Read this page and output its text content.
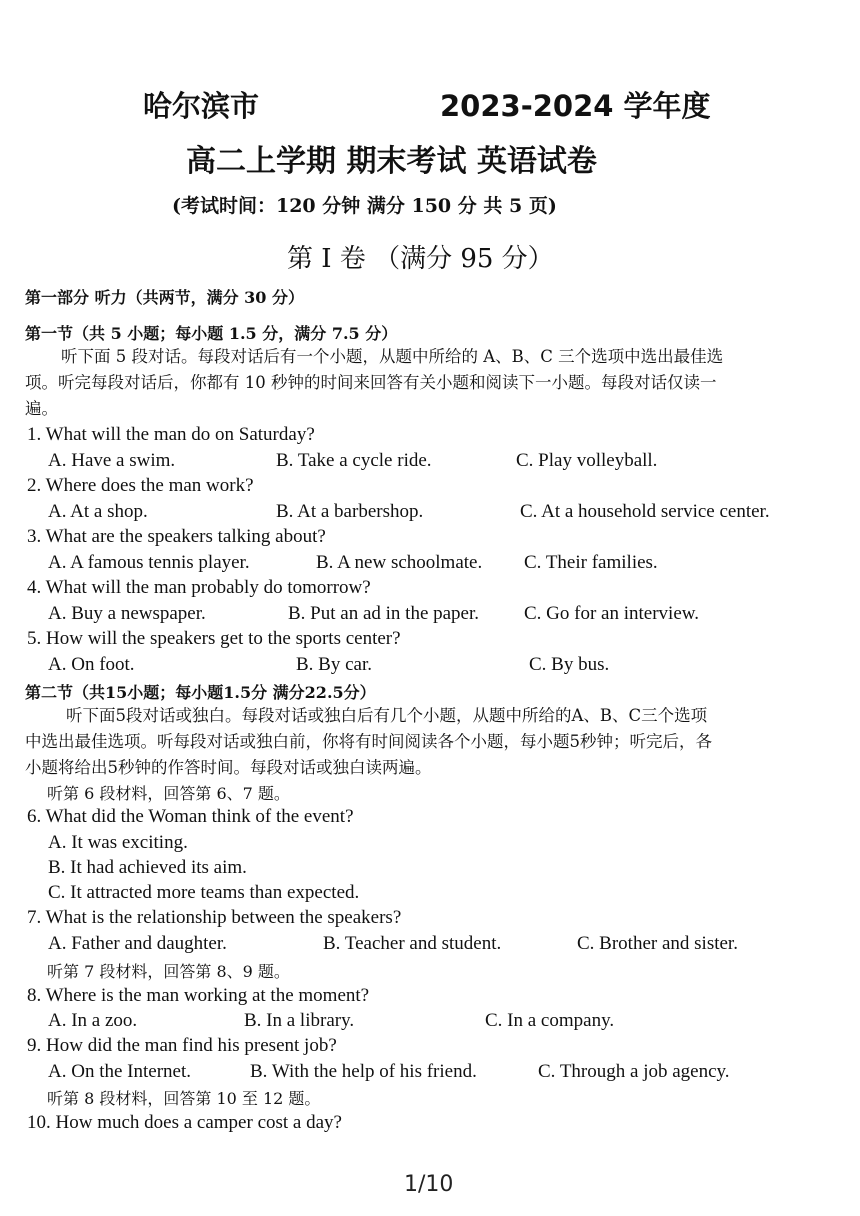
哈尔滨市	2023-2024 学年度
高二上学期 期末考试 英语试卷
(考试时间：120 分钟 满分 150 分 共 5 页)
第 I 卷 （满分 95 分）
第一部分 听力（共两节，满分 30 分）
第一节（共 5 小题；每小题 1.5 分，满分 7.5 分）
听下面 5 段对话。每段对话后有一个小题，从题中所给的 A、B、C 三个选项中选出最佳选
项。听完每段对话后，你都有 10 秒钟的时间来回答有关小题和阅读下一小题。每段对话仅读一
遍。
1. What will the man do on Saturday?
A. Have a swim.	B. Take a cycle ride.	C. Play volleyball.
2. Where does the man work?
A. At a shop.	B. At a barbershop.	C. At a household service center.
3. What are the speakers talking about?
A. A famous tennis player.	B. A new schoolmate. C. Their families.
4. What will the man probably do tomorrow?
A. Buy a newspaper.	B. Put an ad in the paper. C. Go for an interview.
5. How will the speakers get to the sports center?
A. On foot.	B. By car.	C. By bus.
第二节（共15小题；每小题1.5分 满分22.5分）
听下面5段对话或独白。每段对话或独白后有几个小题，从题中所给的A、B、C三个选项
中选出最佳选项。听每段对话或独白前，你将有时间阅读各个小题，每小题5秒钟；听完后，各
小题将给出5秒钟的作答时间。每段对话或独白读两遍。
听第 6 段材料，回答第 6、7 题。
6. What did the Woman think of the event?
A. It was exciting.
B. It had achieved its aim.
C. It attracted more teams than expected.
7. What is the relationship between the speakers?
A. Father and daughter.	B. Teacher and student.	C. Brother and sister.
听第 7 段材料，回答第 8、9 题。
8. Where is the man working at the moment?
A. In a zoo.	B. In a library.	C. In a company.
9. How did the man find his present job?
A. On the Internet.	B. With the help of his friend.	C. Through a job agency.
听第 8 段材料，回答第 10 至 12 题。
10. How much does a camper cost a day?
1/10
